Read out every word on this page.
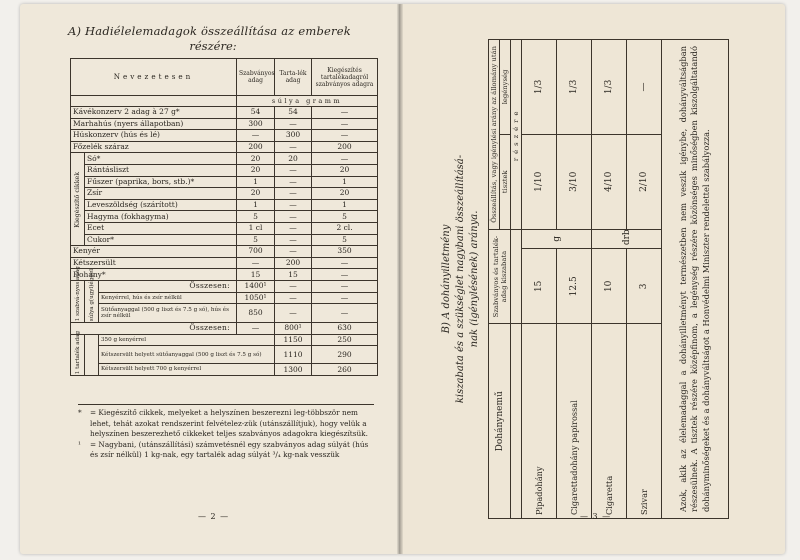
A) Hadiélelemadagok összeállítása az emberek
részére:
Nevezetesen			Szabványos adag	Tarta-lék adag	Kiegészítés tartalékadagról szabványos adagra
			súlya gramm		
Kávékonzerv 2 adag à 27 g*			54	54	—
Marhahús (nyers állapotban)			300	—	—
Húskonzerv (hús és lé)			—	300	—
Főzelék száraz			200	—	200
Kiegészítő cikkek	Só*		20	20	—
	Rántásliszt		20	—	20
	Fűszer (paprika, bors, stb.)*		1	—	1
	Zsír		20	—	20
	Leveszöldség (szárított)		1	—	1
	Hagyma (fokhagyma)		5	—	5
	Ecet		1 cl	—	2 cl.
	Cukor*		5	—	5
Kenyér			700	—	350
Kétszersült			—	200	—
Dohány*			15	15	—
1 szabvá-nyos adag	súlya g(ugyl)éggel	Összesen:	1400¹	—	—
		Kenyérrel, hús és zsír nélkül	1050¹	—	—
		Sütőanyaggal (500 g liszt és 7.5 g só), hús és zsír nélkül	850	—	—
Összesen:			—	800¹	630
1 tartalék adag		350 g kenyérrel		1150	250
		Kétszersült helyett sütőanyaggal (500 g liszt és 7.5 g só)		1110	290
		Kétszersült helyett 700 g kenyérrel		1300	260
*	= Kiegészítő cikkek, melyeket a helyszínen beszerezni leg-többször nem lehet, tehát azokat rendszerint felvételez-zük (utánszállítjuk), hogy velük a helyszínen beszerezhető cikkeket teljes szabványos adagokra kiegészítsük.
¹	= Nagybani, (utánszállítási) számvetésnél egy szabványos adag súlyát (hús és zsír nélkül) 1 kg-nak, egy tartalék adag súlyát ³/₄ kg-nak vesszük
— 2 —
B) A dohányilletmény kiszabata és a szükséglet nagybani összeállításá- nak (igénylésének) aránya.
Dohánynemű	Szabványos és tartalék-adag kiszabata		Összeállítás, vagy igénylési arány az állomány után	
			tisztek	legénység
			részére	
Pipadohány	15	g	1/10	1/3
Cigarettadohány papirossal	12.5		3/10	1/3
Cigaretta	10	drb	4/10	1/3
Szivar	3		2/10	—
Azok, akik az élelemadaggal a dohányilletményt természetben nem veszik igénybe, dohányváltságban részesülnek. A tisztek részére középfinom, a legénység részére közönséges minőségben kiszolgáltatandó dohányminőségeket és a dohányváltságot a Honvédelmi Miniszter rendelettel szabályozza.				
— 3 —
